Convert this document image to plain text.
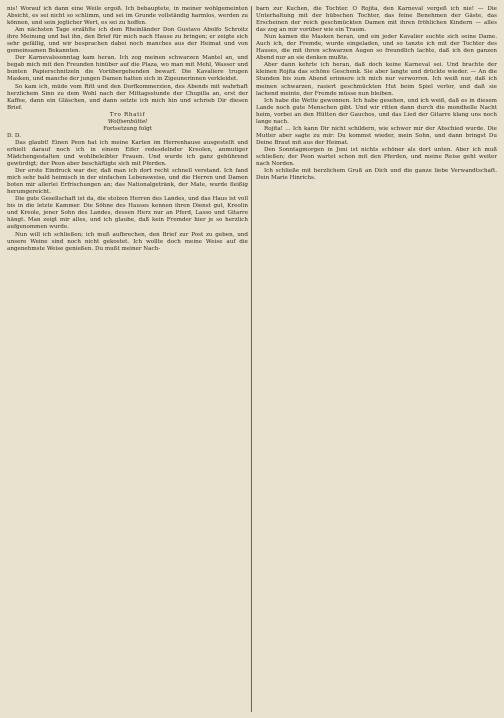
nis! Worauf ich dann eine Weile ergoß. Ich behauptete, in meiner wohlgemeinten Absicht, es sei nicht so schlimm, und sei im Grunde vollständig harmlos, werden zu können, und sein jeglicher Wert, es sei zu hoffen.

Am nächsten Tage erzählte ich dem Rheinländer Don Gustavo Abolfo Schroitz ihre Meinung und bat ihn, den Brief für mich nach Hause zu bringen; er zeigte sich sehr gefällig, und wir besprachen dabei noch manches aus der Heimat und von gemeinsamen Bekannten.

Der Karnevalssonntag kam heran. Ich zog meinen schwarzen Mantel an, und begab mich mit den Freunden hinüber auf die Plaza, wo man mit Mehl, Wasser und bunten Papierschnitzeln die Vorübergehenden bewarf. Die Kavaliere trugen Masken, und manche der jungen Damen hatten sich in Zigeunerinnen verkleidet.

So kam ich, müde vom Ritt und den Dorfkommerzien, des Abends mit wahrhaft herzlichem Sinn zu dem Wohl nach der Mittagsstunde der Chupilla an, erst der Kaffee, dann ein Gläschen, und dann setzte ich mich hin und schrieb Dir diesen Brief.

Tro Rhatif
Wolfsenbüttel
Fortsetzung folgt

D. D.

Das glaubt! Einen Peon hat ich meine Karten im Herrenhause ausgestellt und erhielt darauf noch ich in einem Eifer redesdelnder Kreolen, anmutiger Mädchengestalten und wohlbeleibter Frauen. Und wurde ich ganz gebührend gewürdigt; der Peon aber beschäftigte sich mit Pferden.

Der erste Eindruck war der, daß man ich dort recht schnell verstand. Ich fand mich sehr bald heimisch in der einfachen Lebensweise, und die Herren und Damen boten mir allerlei Erfrischungen an; das Nationalgetränk, der Mate, wurde fleißig herumgereicht.

Die gute Gesellschaft ist da, die stolzen Herren des Landes, und das Haus ist voll bis in die letzte Kammer. Die Söhne des Hauses kennen ihren Dienst gut, Kreolin und Kreole, jener Sohn des Landes, dessen Herz nur an Pferd, Lasso und Gitarre hängt. Man zeigt mir alles, und ich glaube, daß kein Fremder hier je so herzlich aufgenommen wurde.

Nun will ich schließen; ich muß aufbrechen, den Brief zur Post zu geben, und unsere Weine sind noch nicht gekostet. Ich wollte doch meine Weise auf die angenehmste Weise genießen. Du mußt meiner Nach-

barn zur Kuchen, die Tochter. O Rojita, den Karneval vergeß ich nie! — Die Unterhaltung mit der hübschen Tochter, das feine Benehmen der Gäste, das Erscheinen der reich geschmückten Damen mit ihren fröhlichen Kindern — alles das zog an mir vorüber wie ein Traum.

Nun kamen die Masken heran, und ein jeder Kavalier suchte sich seine Dame. Auch ich, der Fremde, wurde eingeladen, und so tanzte ich mit der Tochter des Hauses, die mit ihren schwarzen Augen so freundlich lachte, daß ich den ganzen Abend nur an sie denken mußte.

Aber dann kehrte ich heran, daß doch keine Karneval sei. Und brachte der kleinen Rojita das schöne Geschenk. Sie aber langte und drückte wieder. — An die Stunden bis zum Abend erinnere ich mich nur verworren. Ich weiß nur, daß ich meinen schwarzen, rasiert geschmückten Hut beim Spiel verlor, und daß sie lachend meinte, der Fremde müsse nun bleiben.

Ich habe die Wette gewonnen. Ich habe gesehen, und ich weiß, daß es in diesem Lande noch gute Menschen gibt. Und wir ritten dann durch die mondhelle Nacht heim, vorbei an den Hütten der Gauchos, und das Lied der Gitarre klang uns noch lange nach.

Rojita! ... Ich kann Dir nicht schildern, wie schwer mir der Abschied wurde. Die Mutter aber sagte zu mir: Du kommst wieder, mein Sohn, und dann bringst Du Deine Braut mit aus der Heimat.

Den Sonntagmorgen in Juni ist nichts schöner als dort unten. Aber ich muß schließen; der Peon wartet schon mit den Pferden, und meine Reise geht weiter nach Norden.

Ich schließe mit herzlichem Gruß an Dich und die ganze liebe Verwandtschaft. Dein Marie Hinrichs.
